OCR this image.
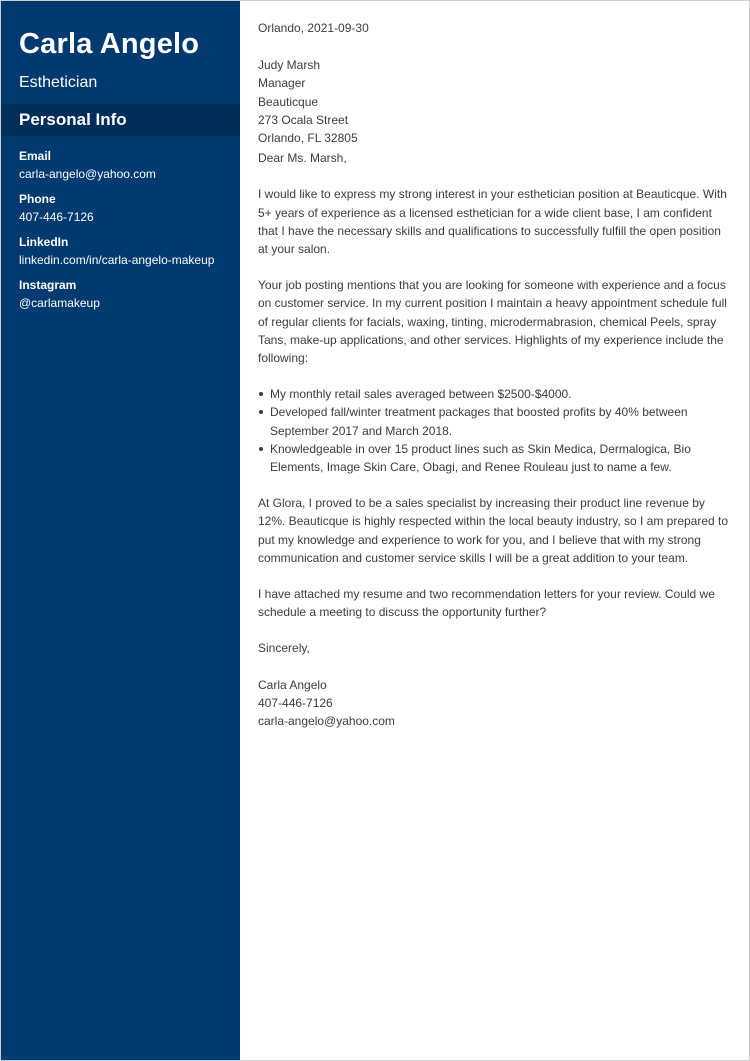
Carla Angelo
Esthetician
Personal Info
Email
carla-angelo@yahoo.com
Phone
407-446-7126
LinkedIn
linkedin.com/in/carla-angelo-makeup
Instagram
@carlamakeup
Orlando, 2021-09-30
Judy Marsh
Manager
Beauticque
273 Ocala Street
Orlando, FL 32805
Dear Ms. Marsh,

I would like to express my strong interest in your esthetician position at Beauticque. With 5+ years of experience as a licensed esthetician for a wide client base, I am confident that I have the necessary skills and qualifications to successfully fulfill the open position at your salon.

Your job posting mentions that you are looking for someone with experience and a focus on customer service. In my current position I maintain a heavy appointment schedule full of regular clients for facials, waxing, tinting, microdermabrasion, chemical Peels, spray Tans, make-up applications, and other services. Highlights of my experience include the following:

My monthly retail sales averaged between $2500-$4000.
Developed fall/winter treatment packages that boosted profits by 40% between September 2017 and March 2018.
Knowledgeable in over 15 product lines such as Skin Medica, Dermalogica, Bio Elements, Image Skin Care, Obagi, and Renee Rouleau just to name a few.

At Glora, I proved to be a sales specialist by increasing their product line revenue by 12%. Beauticque is highly respected within the local beauty industry, so I am prepared to put my knowledge and experience to work for you, and I believe that with my strong communication and customer service skills I will be a great addition to your team.

I have attached my resume and two recommendation letters for your review. Could we schedule a meeting to discuss the opportunity further?

Sincerely,
Carla Angelo
407-446-7126
carla-angelo@yahoo.com
